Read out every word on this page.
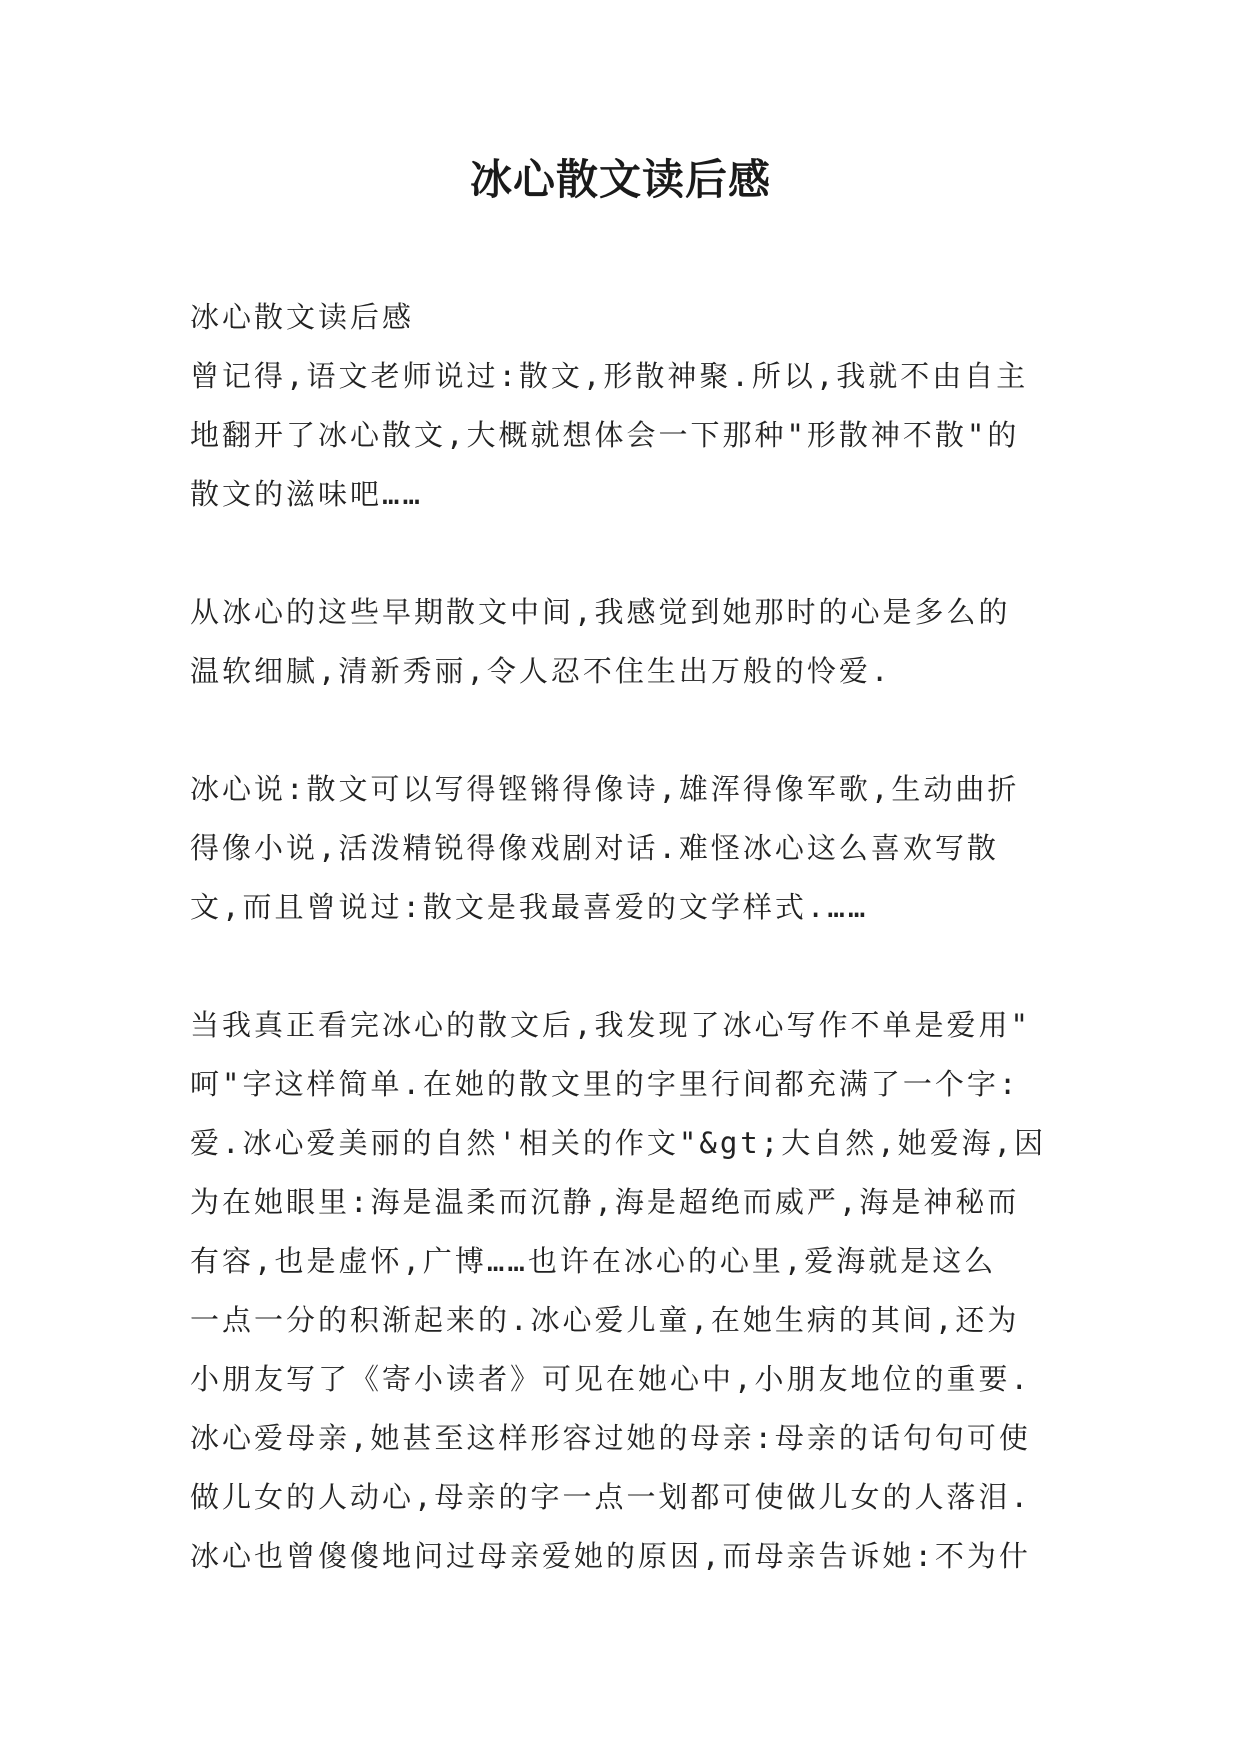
冰心散文读后感
冰心散文读后感
曾记得,语文老师说过:散文,形散神聚.所以,我就不由自主
地翻开了冰心散文,大概就想体会一下那种"形散神不散"的
散文的滋味吧……
从冰心的这些早期散文中间,我感觉到她那时的心是多么的
温软细腻,清新秀丽,令人忍不住生出万般的怜爱.
冰心说:散文可以写得铿锵得像诗,雄浑得像军歌,生动曲折
得像小说,活泼精锐得像戏剧对话.难怪冰心这么喜欢写散
文,而且曾说过:散文是我最喜爱的文学样式.……
当我真正看完冰心的散文后,我发现了冰心写作不单是爱用"
呵"字这样简单.在她的散文里的字里行间都充满了一个字:
爱.冰心爱美丽的自然'相关的作文"&gt;大自然,她爱海,因
为在她眼里:海是温柔而沉静,海是超绝而威严,海是神秘而
有容,也是虚怀,广博……也许在冰心的心里,爱海就是这么
一点一分的积渐起来的.冰心爱儿童,在她生病的其间,还为
小朋友写了《寄小读者》可见在她心中,小朋友地位的重要.
冰心爱母亲,她甚至这样形容过她的母亲:母亲的话句句可使
做儿女的人动心,母亲的字一点一划都可使做儿女的人落泪.
冰心也曾傻傻地问过母亲爱她的原因,而母亲告诉她:不为什
